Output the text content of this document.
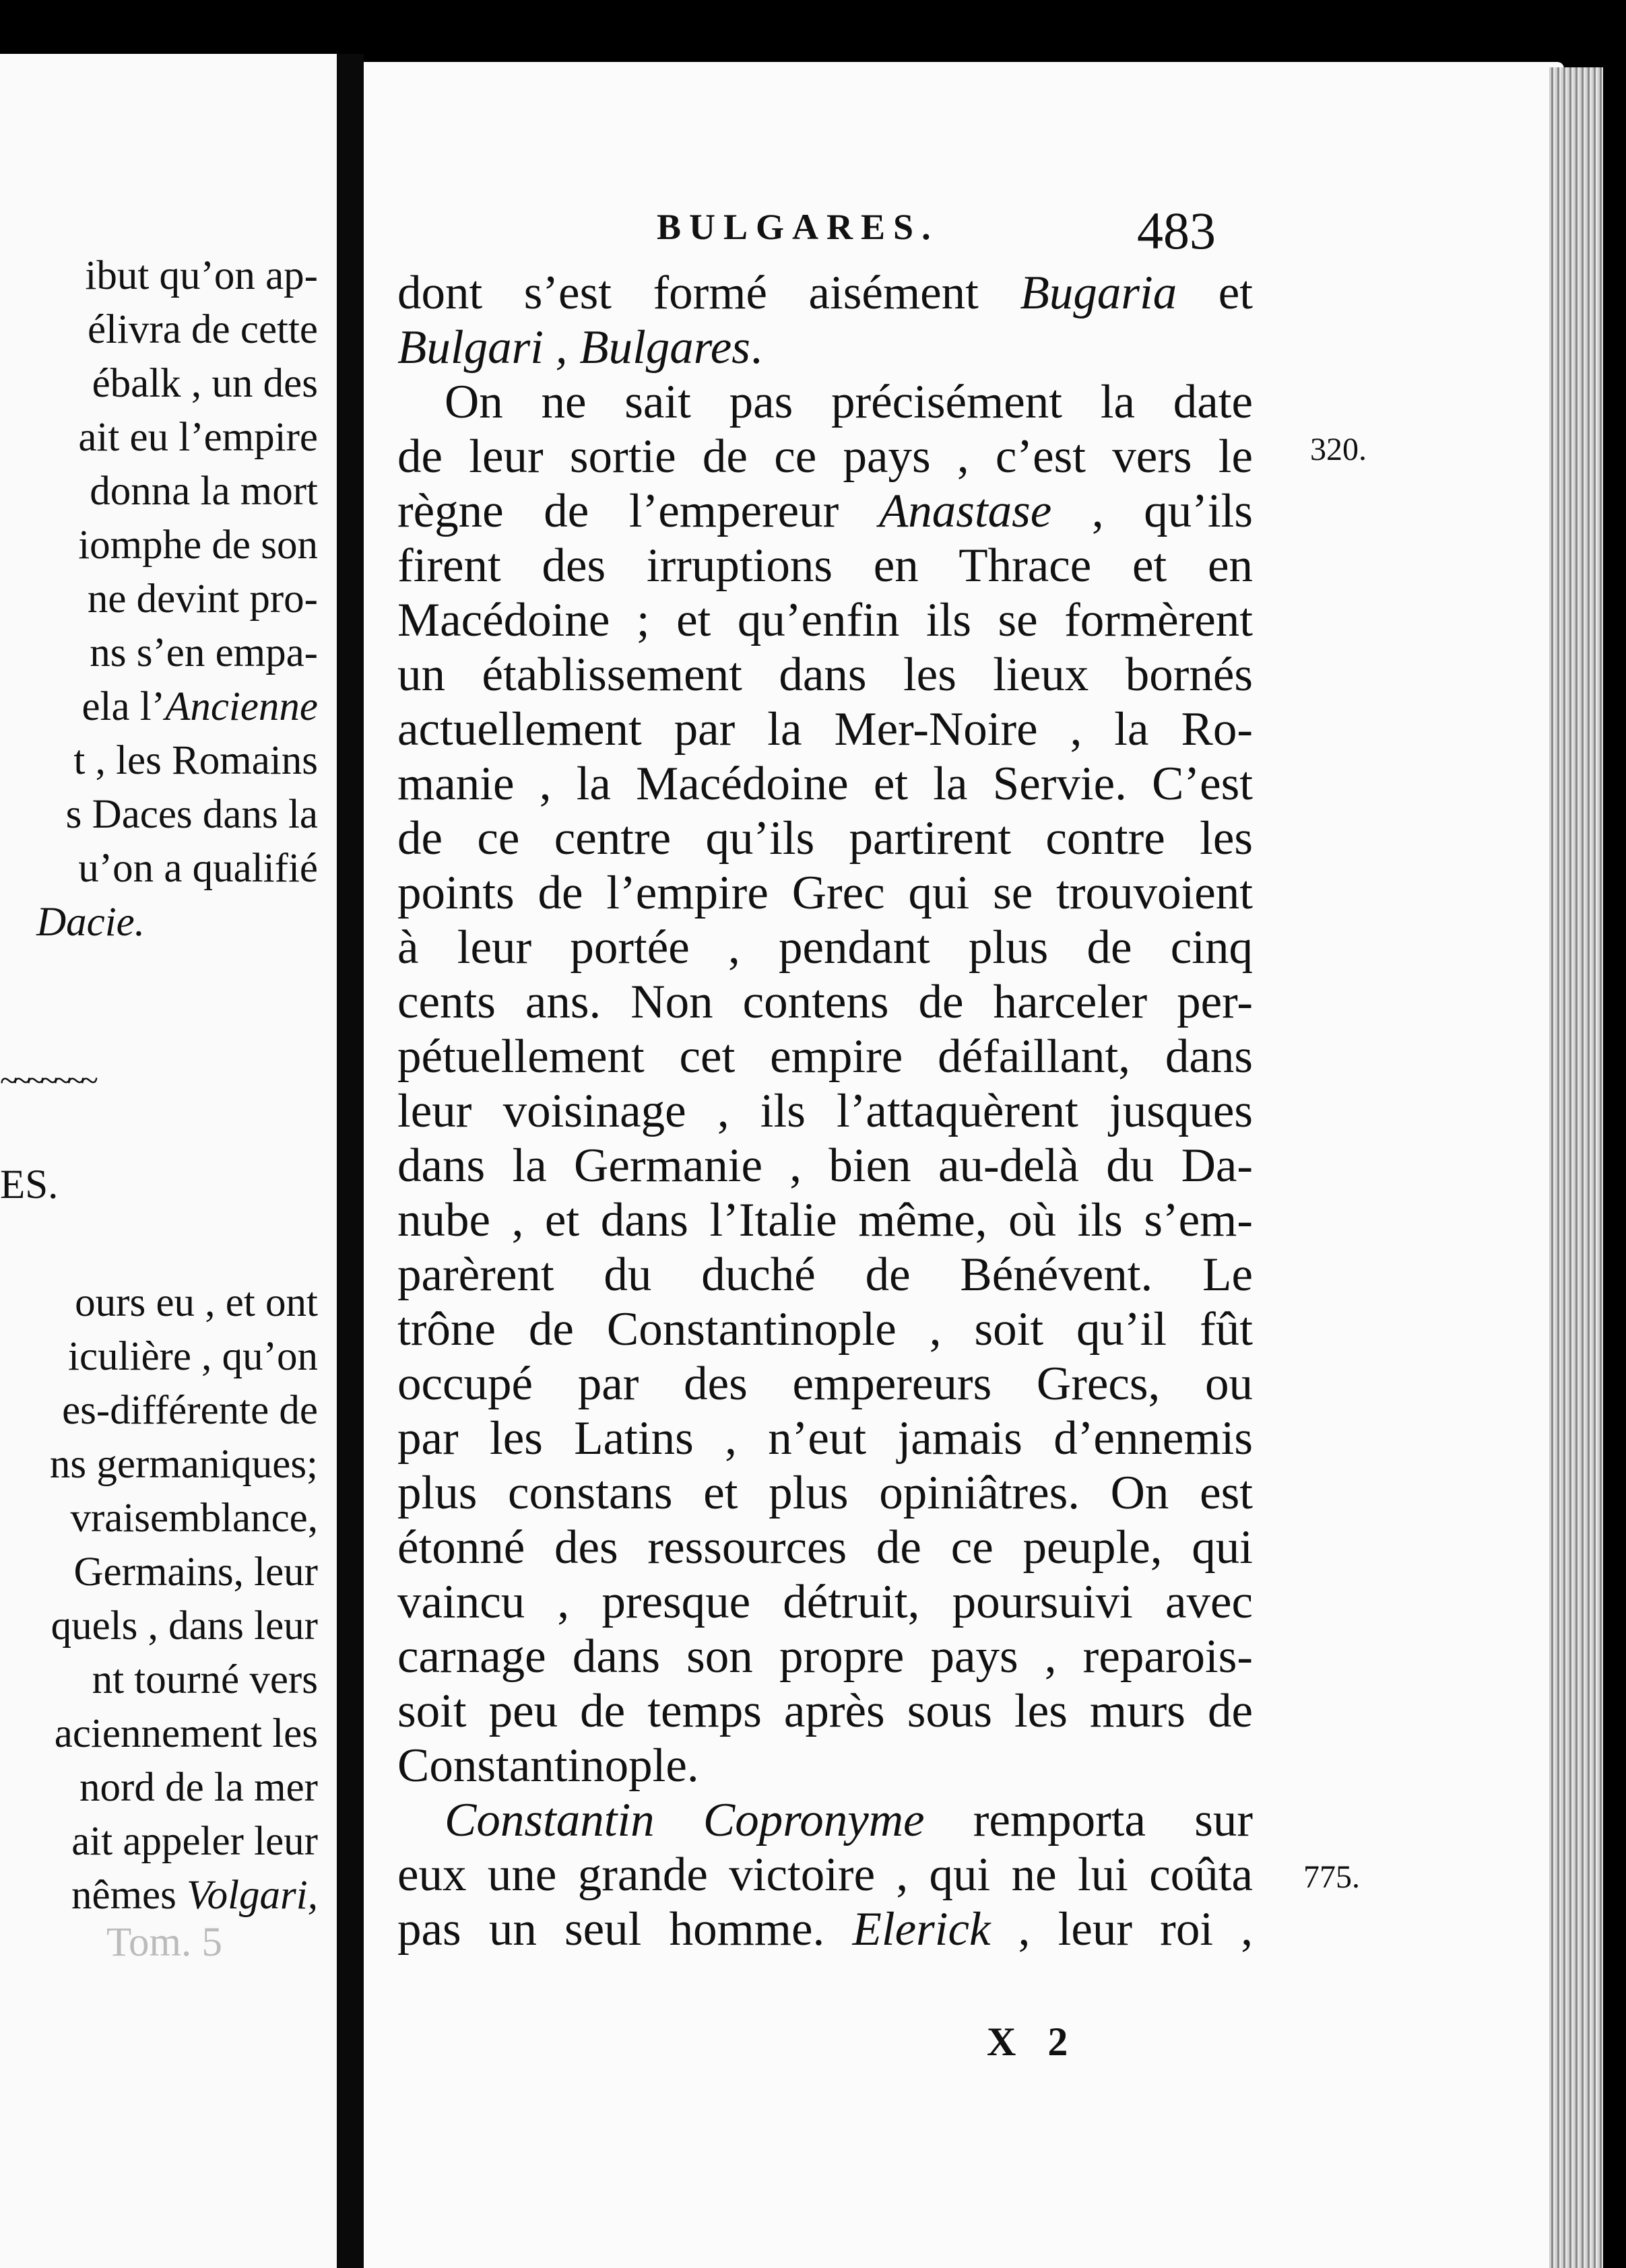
ibut qu’on ap-
élivra de cette
ébalk , un des
ait eu l’empire
donna la mort
iomphe de son
ne devint pro-
ns s’en empa-
ela l’Ancienne
t , les Romains
s Daces dans la
u’on a qualifié
Dacie.
ES.
ours eu , et ont
iculière , qu’on
es-différente de
ns germaniques;
vraisemblance,
Germains, leur
quels , dans leur
nt tourné vers
aciennement les
nord de la mer
ait appeler leur
nêmes Volgari,
Tom. 5
~~~~~~~
BULGARES.	483
dont s’est formé aisément Bugaria et
Bulgari , Bulgares.
On ne sait pas précisément la date
de leur sortie de ce pays , c’est vers le
règne de l’empereur Anastase , qu’ils
firent des irruptions en Thrace et en
Macédoine ; et qu’enfin ils se formèrent
un établissement dans les lieux bornés
actuellement par la Mer-Noire , la Ro-
manie , la Macédoine et la Servie. C’est
de ce centre qu’ils partirent contre les
points de l’empire Grec qui se trouvoient
à leur portée , pendant plus de cinq
cents ans. Non contens de harceler per-
pétuellement cet empire défaillant, dans
leur voisinage , ils l’attaquèrent jusques
dans la Germanie , bien au-delà du Da-
nube , et dans l’Italie même, où ils s’em-
parèrent du duché de Bénévent. Le
trône de Constantinople , soit qu’il fût
occupé par des empereurs Grecs, ou
par les Latins , n’eut jamais d’ennemis
plus constans et plus opiniâtres. On est
étonné des ressources de ce peuple, qui
vaincu , presque détruit, poursuivi avec
carnage dans son propre pays , reparois-
soit peu de temps après sous les murs de
Constantinople.
Constantin Copronyme remporta sur
eux une grande victoire , qui ne lui coûta
pas un seul homme. Elerick , leur roi ,
320.
775.
X 2
